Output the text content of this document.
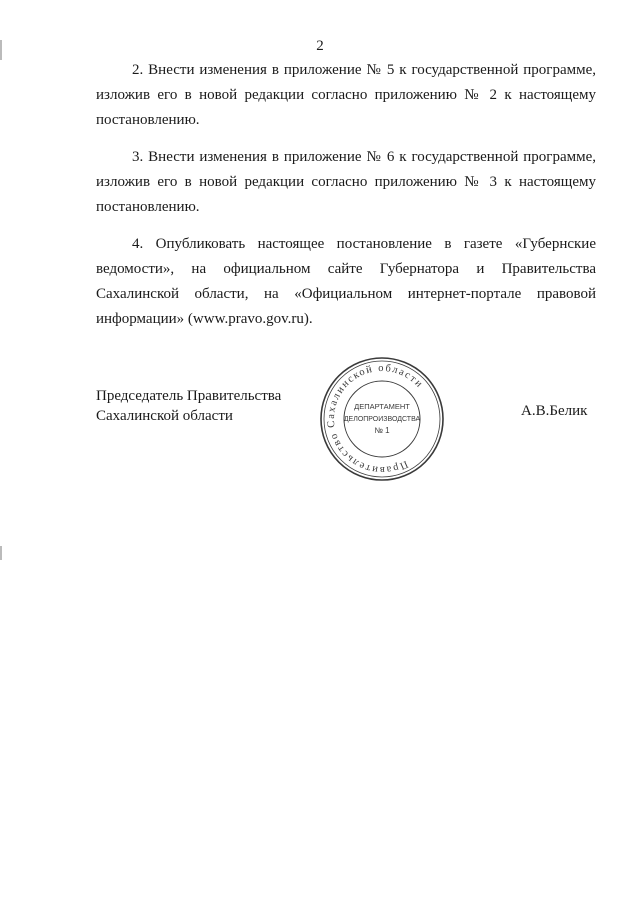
2

2. Внести изменения в приложение № 5 к государственной программе, изложив его в новой редакции согласно приложению № 2 к настоящему постановлению.

3. Внести изменения в приложение № 6 к государственной программе, изложив его в новой редакции согласно приложению № 3 к настоящему постановлению.

4. Опубликовать настоящее постановление в газете «Губернские ведомости», на официальном сайте Губернатора и Правительства Сахалинской области, на «Официальном интернет-портале правовой информации» (www.pravo.gov.ru).

Председатель Правительства
Сахалинской области
Правительство Сахалинской области
ДЕПАРТАМЕНТ
ДЕЛОПРОИЗВОДСТВА
№ 1
А.В.Белик
